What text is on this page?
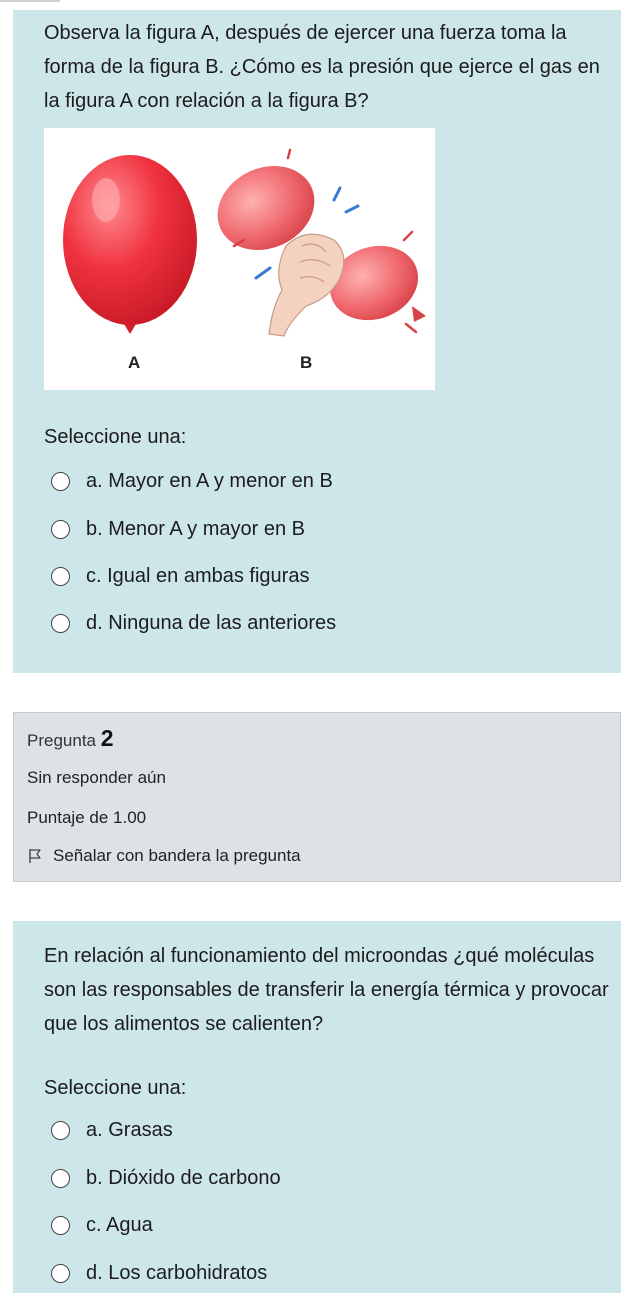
Observa la figura A, después de ejercer una fuerza toma la forma de la figura B. ¿Cómo es la presión que ejerce el gas en la figura A con relación a la figura B?
A	B
Seleccione una:
a. Mayor en A y menor en B
b. Menor A y mayor en B
c. Igual en ambas figuras
d. Ninguna de las anteriores
Pregunta 2
Sin responder aún
Puntaje de 1.00
Señalar con bandera la pregunta
En relación al funcionamiento del microondas ¿qué moléculas son las responsables de transferir la energía térmica y provocar que los alimentos se calienten?
Seleccione una:
a. Grasas
b. Dióxido de carbono
c. Agua
d. Los carbohidratos
